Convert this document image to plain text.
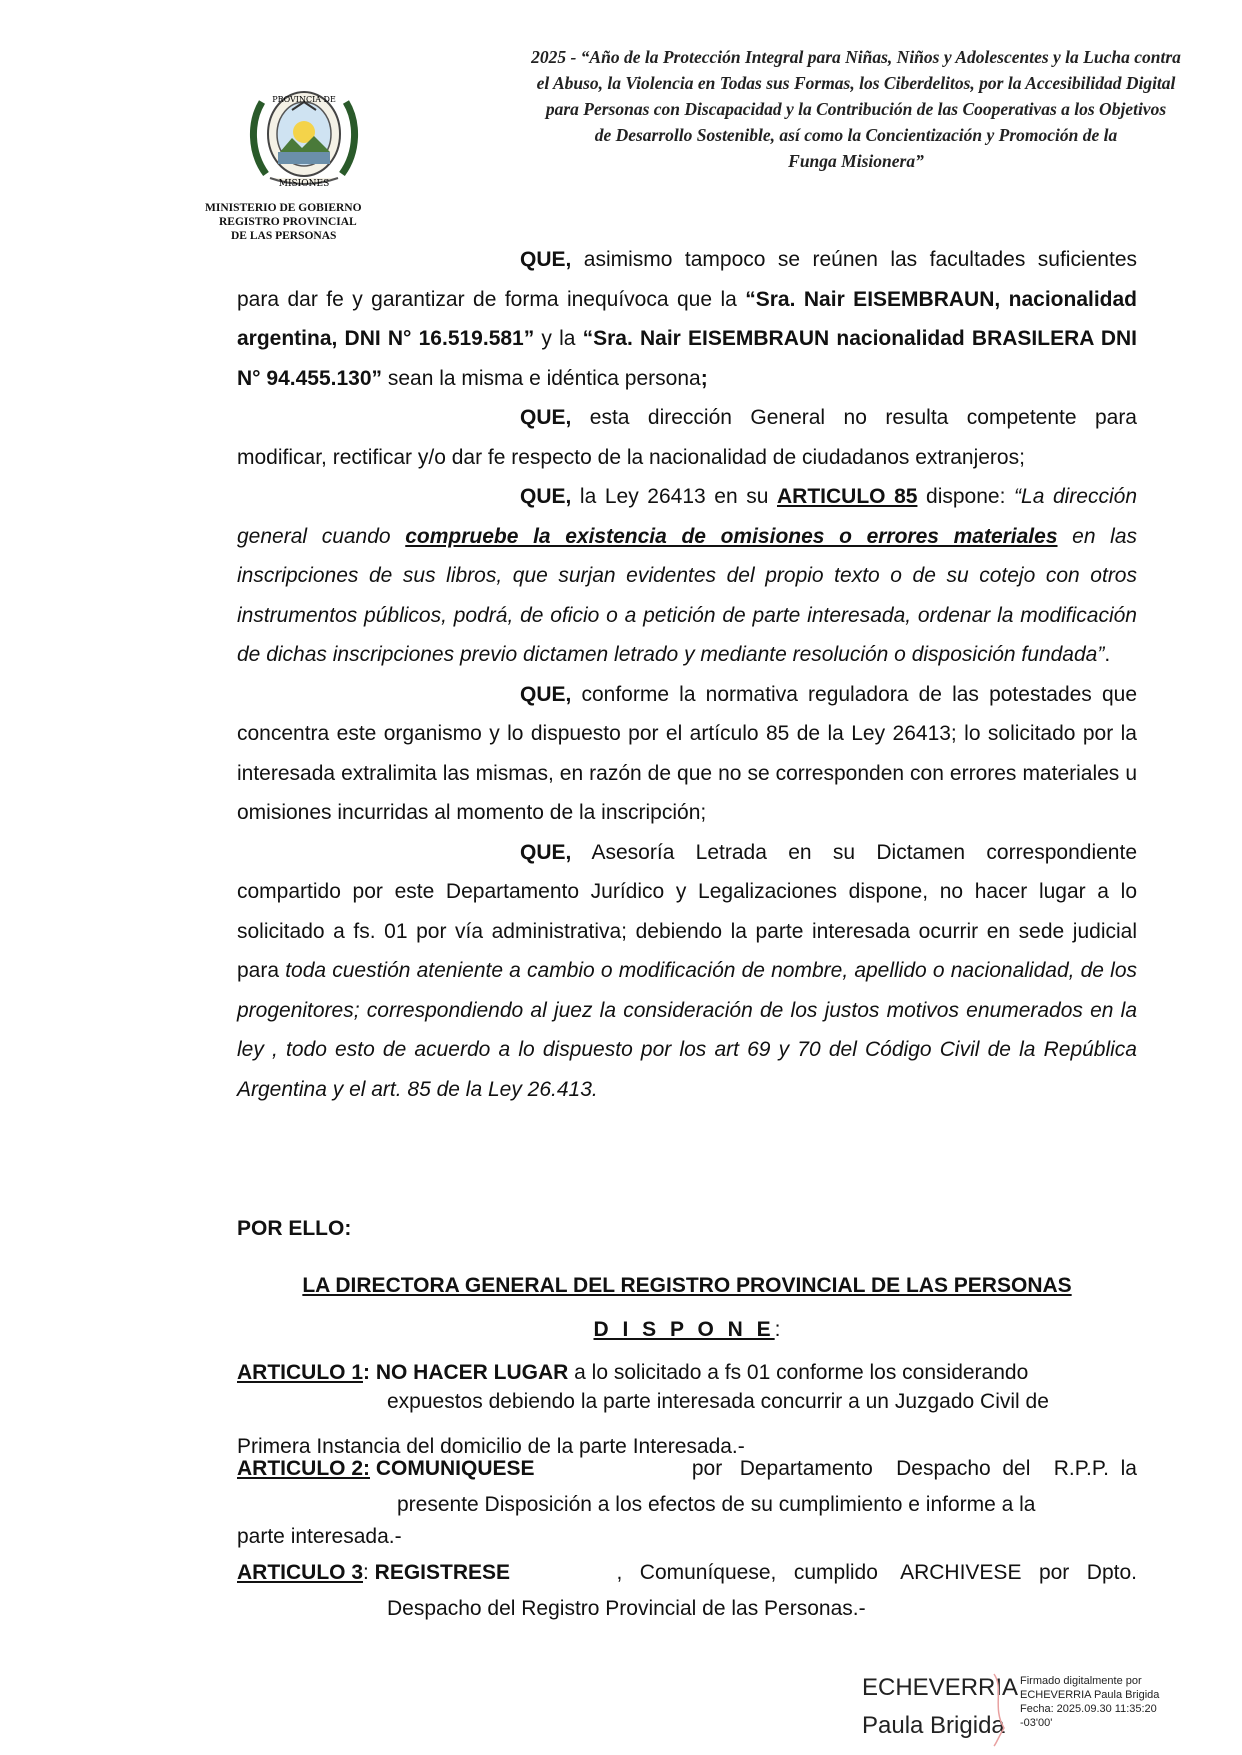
PROVINCIA DE
MISIONES
MINISTERIO DE GOBIERNO
REGISTRO PROVINCIAL
DE LAS PERSONAS
2025 - “Año de la Protección Integral para Niñas, Niños y Adolescentes y la Lucha contra
el Abuso, la Violencia en Todas sus Formas, los Ciberdelitos, por la Accesibilidad Digital
para Personas con Discapacidad y la Contribución de las Cooperativas a los Objetivos
de Desarrollo Sostenible, así como la Concientización y Promoción de la
Funga Misionera”

QUE, asimismo tampoco se reúnen las facultades suficientes para dar fe y garantizar de forma inequívoca que la “Sra. Nair EISEMBRAUN, nacionalidad argentina, DNI N° 16.519.581” y la “Sra. Nair EISEMBRAUN nacionalidad BRASILERA DNI N° 94.455.130” sean la misma e idéntica persona;

QUE, esta dirección General no resulta competente para modificar, rectificar y/o dar fe respecto de la nacionalidad de ciudadanos extranjeros;

QUE, la Ley 26413 en su ARTICULO 85 dispone: “La dirección general cuando compruebe la existencia de omisiones o errores materiales en las inscripciones de sus libros, que surjan evidentes del propio texto o de su cotejo con otros instrumentos públicos, podrá, de oficio o a petición de parte interesada, ordenar la modificación de dichas inscripciones previo dictamen letrado y mediante resolución o disposición fundada”.

QUE, conforme la normativa reguladora de las potestades que concentra este organismo y lo dispuesto por el artículo 85 de la Ley 26413; lo solicitado por la interesada extralimita las mismas, en razón de que no se corresponden con errores materiales u omisiones incurridas al momento de la inscripción;

QUE, Asesoría Letrada en su Dictamen correspondiente compartido por este Departamento Jurídico y Legalizaciones dispone, no hacer lugar a lo solicitado a fs. 01 por vía administrativa; debiendo la parte interesada ocurrir en sede judicial para toda cuestión ateniente a cambio o modificación de nombre, apellido o nacionalidad, de los progenitores; correspondiendo al juez la consideración de los justos motivos enumerados en la ley , todo esto de acuerdo a lo dispuesto por los art 69 y 70 del Código Civil de la República Argentina y el art. 85 de la Ley 26.413.

POR ELLO:
LA DIRECTORA GENERAL DEL REGISTRO PROVINCIAL DE LAS PERSONAS
D I S P O N E:
ARTICULO 1: NO HACER LUGAR a lo solicitado a fs 01 conforme los considerando
expuestos debiendo la parte interesada concurrir a un Juzgado Civil de
Primera Instancia del domicilio de la parte Interesada.-
ARTICULO 2: COMUNIQUESE	por   Departamento    Despacho  del    R.P.P.  la
presente Disposición a los efectos de su cumplimiento e informe a la
parte interesada.-
ARTICULO 3: REGISTRESE	,   Comuníquese,   cumplido    ARCHIVESE   por   Dpto.
Despacho del Registro Provincial de las Personas.-
ECHEVERRIA
Paula Brigida
Firmado digitalmente por
ECHEVERRIA Paula Brigida
Fecha: 2025.09.30 11:35:20
-03'00'
